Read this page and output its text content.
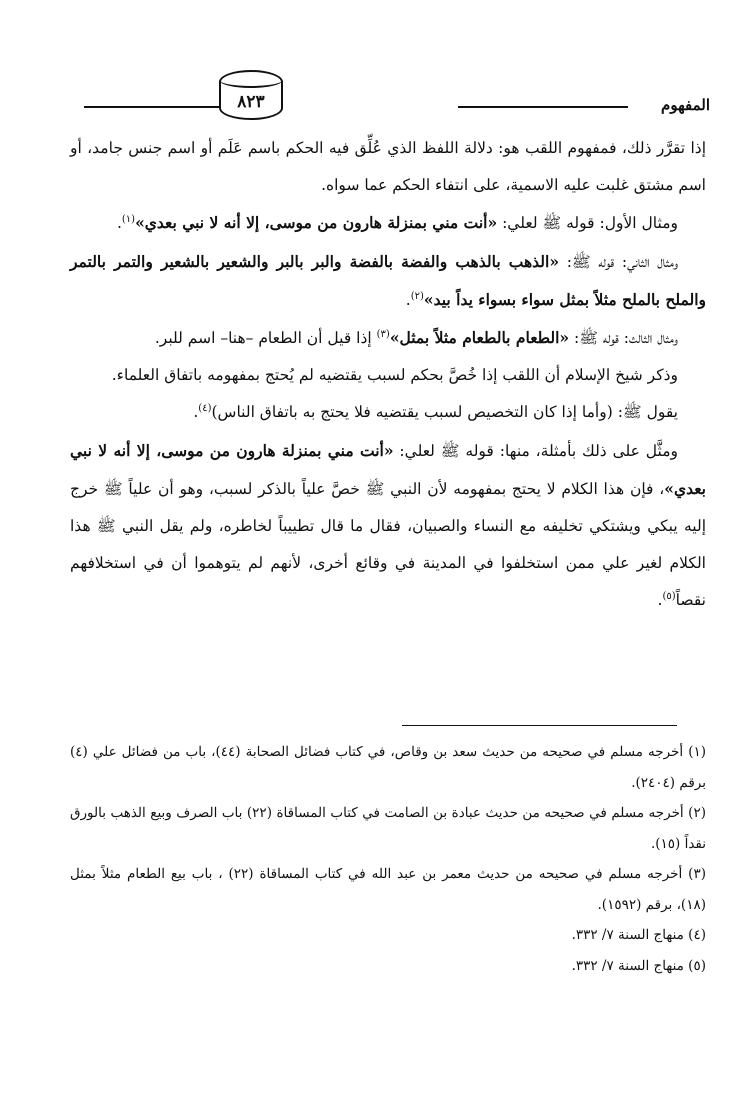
المفهوم
٨٢٣

إذا تقرَّر ذلك، فمفهوم اللقب هو: دلالة اللفظ الذي عُلِّق فيه الحكم باسم عَلَم أو اسم جنس جامد، أو اسم مشتق غلبت عليه الاسمية، على انتفاء الحكم عما سواه.

ومثال الأول: قوله ﷺ لعلي: «أنت مني بمنزلة هارون من موسى، إلا أنه لا نبي بعدي»$^{(١)}$.

ومثال الثاني: قوله ﷺ: «الذهب بالذهب والفضة بالفضة والبر بالبر والشعير بالشعير والتمر بالتمر والملح بالملح مثلاً بمثل سواء بسواء يداً بيد»$^{(٢)}$.

ومثال الثالث: قوله ﷺ: «الطعام بالطعام مثلاً بمثل»$^{(٣)}$ إذا قيل أن الطعام –هنا– اسم للبر.

وذكر شيخ الإسلام أن اللقب إذا خُصَّ بحكم لسبب يقتضيه لم يُحتج بمفهومه باتفاق العلماء.

يقول ﷺ: (وأما إذا كان التخصيص لسبب يقتضيه فلا يحتج به باتفاق الناس)$^{(٤)}$.

ومثَّل على ذلك بأمثلة، منها: قوله ﷺ لعلي: «أنت مني بمنزلة هارون من موسى، إلا أنه لا نبي بعدي»، فإن هذا الكلام لا يحتج بمفهومه لأن النبي ﷺ خصَّ علياً بالذكر لسبب، وهو أن علياً ﷺ خرج إليه يبكي ويشتكي تخليفه مع النساء والصبيان، فقال ما قال تطييباً لخاطره، ولم يقل النبي ﷺ هذا الكلام لغير علي ممن استخلفوا في المدينة في وقائع أخرى، لأنهم لم يتوهموا أن في استخلافهم نقصاً$^{(٥)}$.

(١) أخرجه مسلم في صحيحه من حديث سعد بن وقاص، في كتاب فضائل الصحابة (٤٤)، باب من فضائل علي (٤) برقم (٢٤٠٤).

(٢) أخرجه مسلم في صحيحه من حديث عبادة بن الصامت في كتاب المساقاة (٢٢) باب الصرف وبيع الذهب بالورق نقداً (١٥).

(٣) أخرجه مسلم في صحيحه من حديث معمر بن عبد الله في كتاب المساقاة (٢٢) ، باب بيع الطعام مثلاً بمثل (١٨)، برقم (١٥٩٢).

(٤) منهاج السنة ٧/ ٣٣٢.

(٥) منهاج السنة ٧/ ٣٣٢.
